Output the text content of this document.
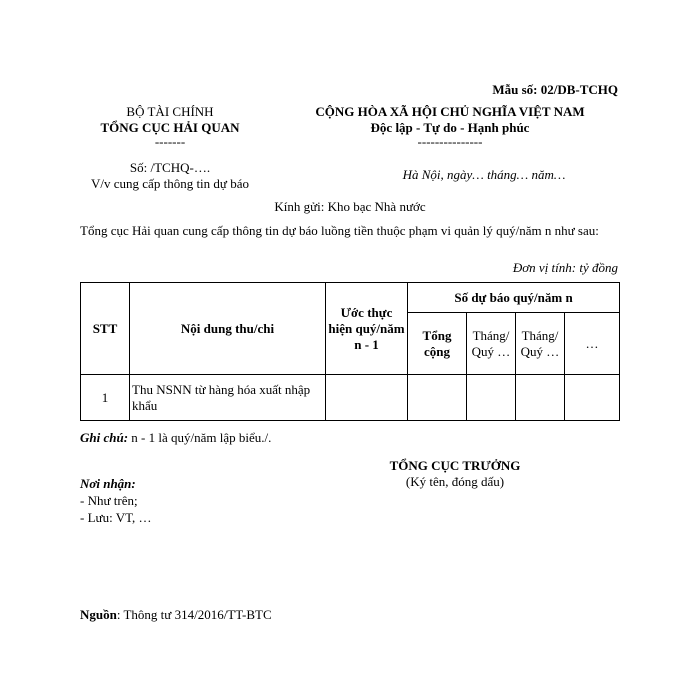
Mẫu số: 02/DB-TCHQ
BỘ TÀI CHÍNH
TỔNG CỤC HẢI QUAN
-------
CỘNG HÒA XÃ HỘI CHỦ NGHĨA VIỆT NAM
Độc lập - Tự do - Hạnh phúc
---------------
Số: /TCHQ-….
V/v cung cấp thông tin dự báo
Hà Nội, ngày… tháng… năm…
Kính gửi: Kho bạc Nhà nước
Tổng cục Hải quan cung cấp thông tin dự báo luồng tiền thuộc phạm vi quản lý quý/năm n như sau:
Đơn vị tính: tỷ đồng
STT	Nội dung thu/chi	Ước thực hiện quý/năm n - 1	Số dự báo quý/năm n			
			Tổng cộng	Tháng/ Quý …	Tháng/ Quý …	…
1	Thu NSNN từ hàng hóa xuất nhập khẩu					
Ghi chú: n - 1 là quý/năm lập biểu./.
TỔNG CỤC TRƯỞNG
(Ký tên, đóng dấu)
Nơi nhận:
- Như trên;
- Lưu: VT, …
Nguồn: Thông tư 314/2016/TT-BTC
